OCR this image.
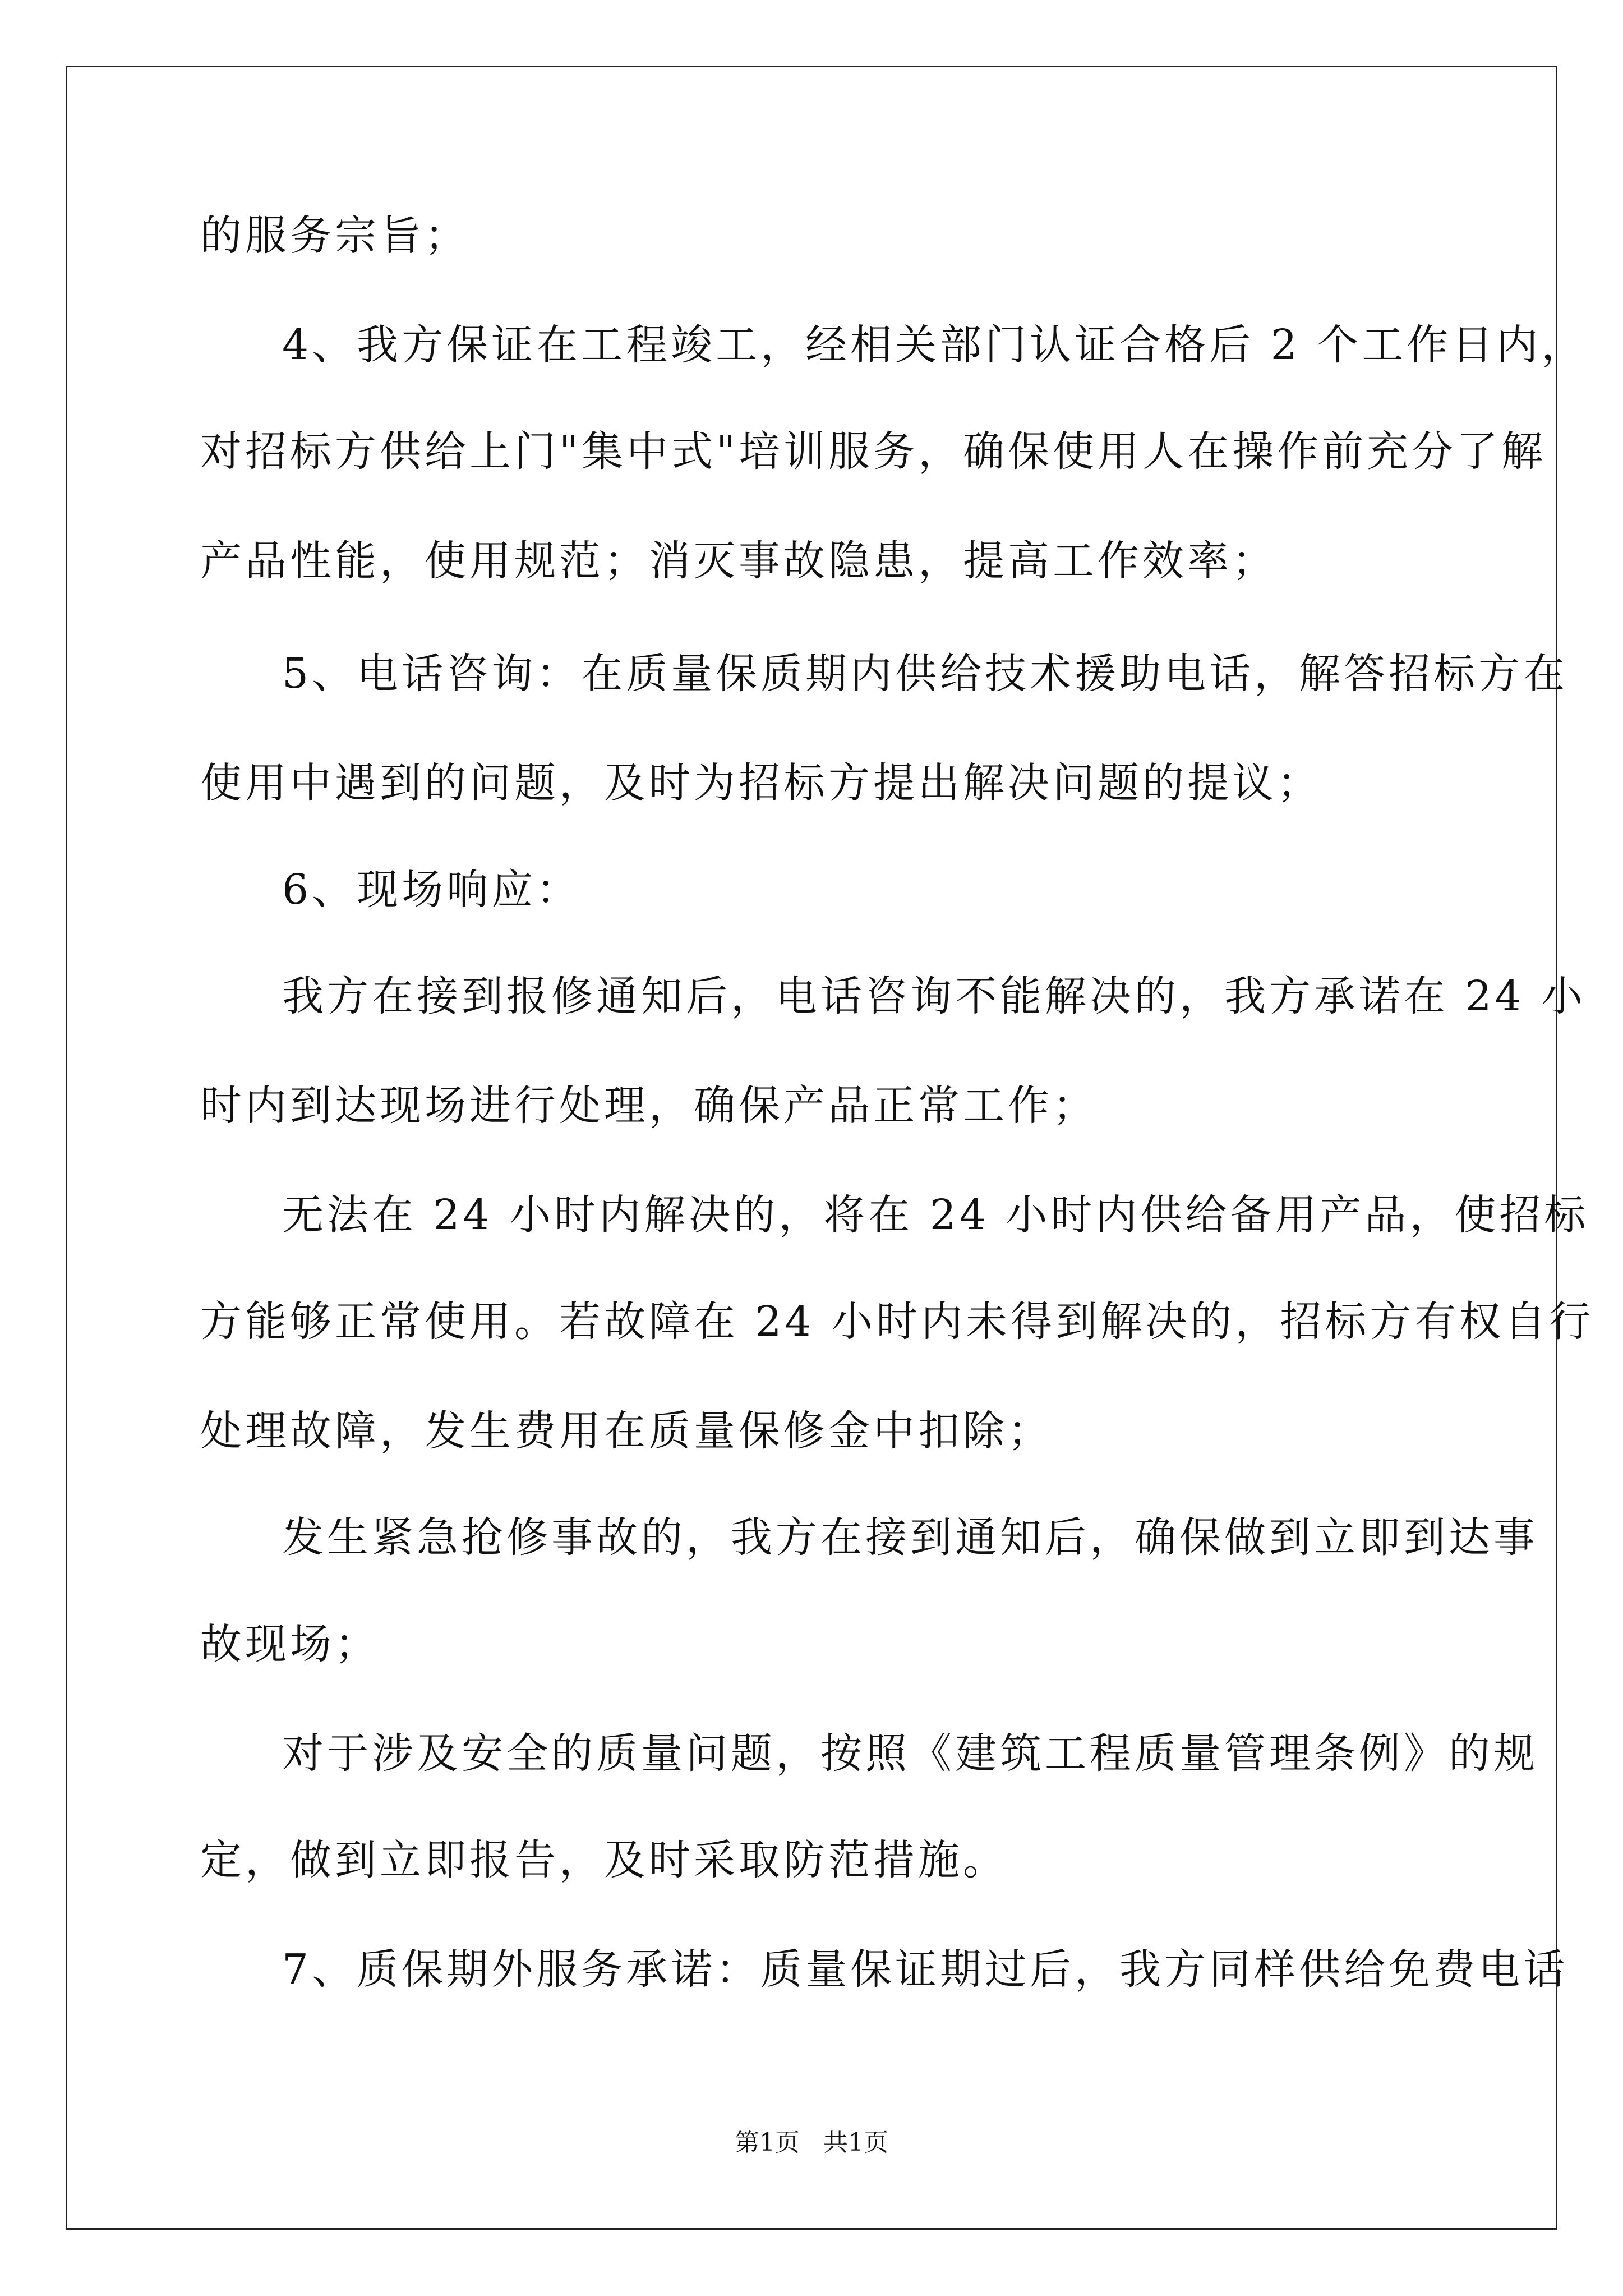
的服务宗旨；
4、我方保证在工程竣工，经相关部门认证合格后 2 个工作日内，
对招标方供给上门"集中式"培训服务，确保使用人在操作前充分了解
产品性能，使用规范；消灭事故隐患，提高工作效率；
5、电话咨询：在质量保质期内供给技术援助电话，解答招标方在
使用中遇到的问题，及时为招标方提出解决问题的提议；
6、现场响应：
我方在接到报修通知后，电话咨询不能解决的，我方承诺在 24 小
时内到达现场进行处理，确保产品正常工作；
无法在 24 小时内解决的，将在 24 小时内供给备用产品，使招标
方能够正常使用。若故障在 24 小时内未得到解决的，招标方有权自行
处理故障，发生费用在质量保修金中扣除；
发生紧急抢修事故的，我方在接到通知后，确保做到立即到达事
故现场；
对于涉及安全的质量问题，按照《建筑工程质量管理条例》的规
定，做到立即报告，及时采取防范措施。
7、质保期外服务承诺：质量保证期过后，我方同样供给免费电话
第1页   共1页
